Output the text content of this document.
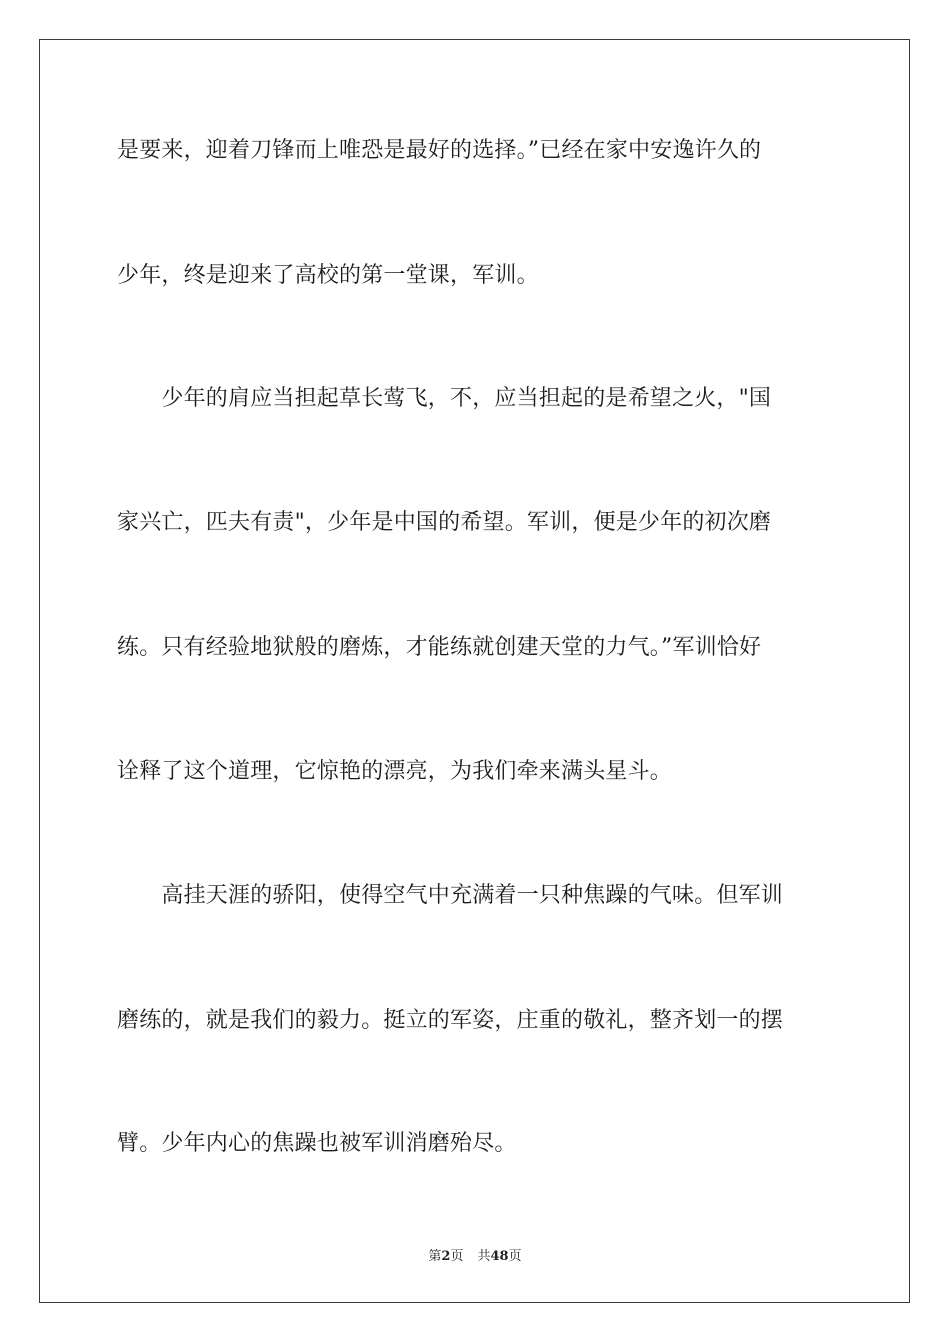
是要来，迎着刀锋而上唯恐是最好的选择。”已经在家中安逸许久的
少年，终是迎来了高校的第一堂课，军训。
　　少年的肩应当担起草长莺飞，不，应当担起的是希望之火，"国
家兴亡，匹夫有责"，少年是中国的希望。军训，便是少年的初次磨
练。只有经验地狱般的磨炼，才能练就创建天堂的力气。”军训恰好
诠释了这个道理，它惊艳的漂亮，为我们牵来满头星斗。
　　高挂天涯的骄阳，使得空气中充满着一只种焦躁的气味。但军训
磨练的，就是我们的毅力。挺立的军姿，庄重的敬礼，整齐划一的摆
臂。少年内心的焦躁也被军训消磨殆尽。
第2页 共48页
